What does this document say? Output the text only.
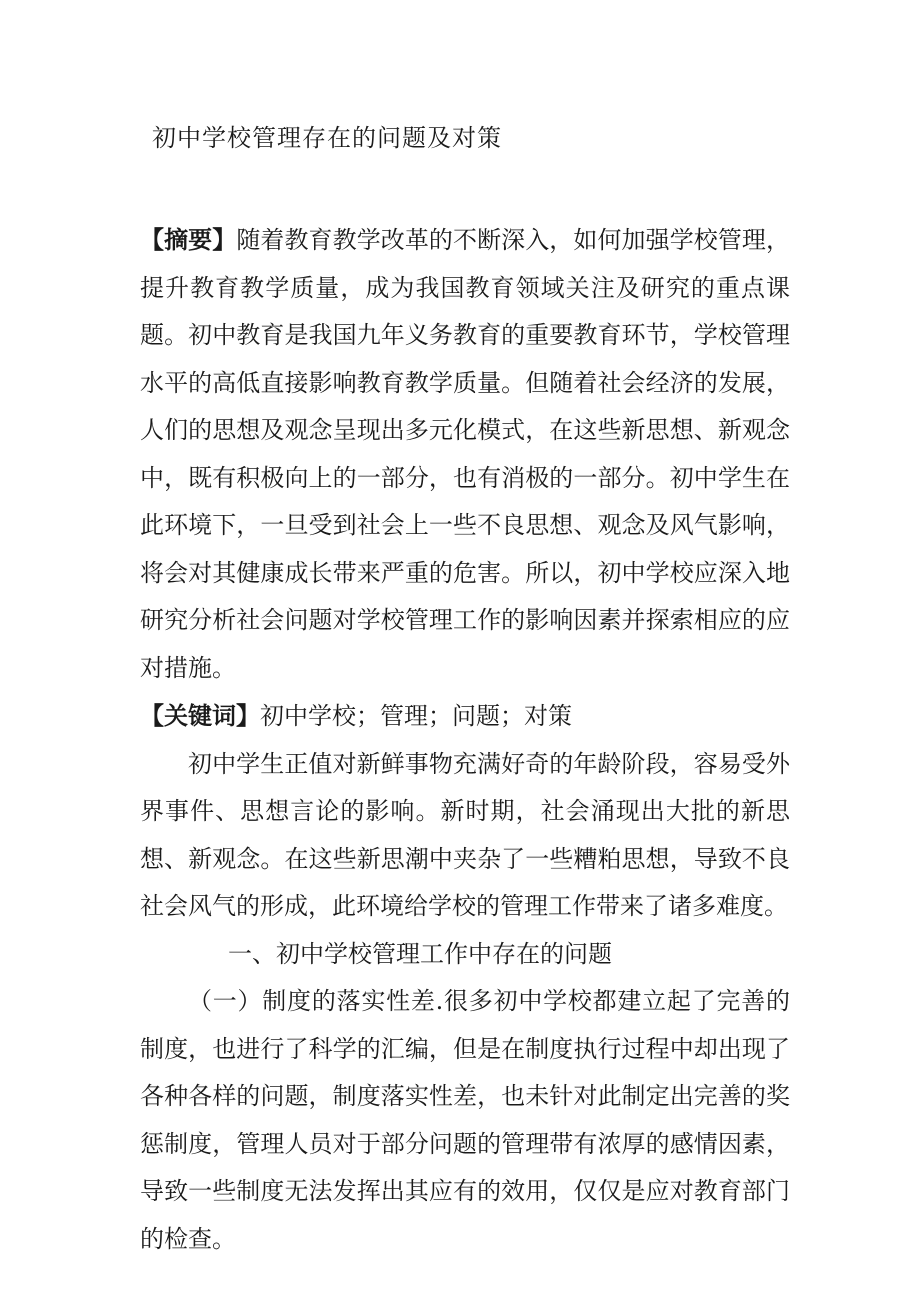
初中学校管理存在的问题及对策

【摘要】随着教育教学改革的不断深入，如何加强学校管理，提升教育教学质量，成为我国教育领域关注及研究的重点课题。初中教育是我国九年义务教育的重要教育环节，学校管理水平的高低直接影响教育教学质量。但随着社会经济的发展，人们的思想及观念呈现出多元化模式，在这些新思想、新观念中，既有积极向上的一部分，也有消极的一部分。初中学生在此环境下，一旦受到社会上一些不良思想、观念及风气影响，将会对其健康成长带来严重的危害。所以，初中学校应深入地研究分析社会问题对学校管理工作的影响因素并探索相应的应对措施。

【关键词】初中学校；管理；问题；对策

初中学生正值对新鲜事物充满好奇的年龄阶段，容易受外界事件、思想言论的影响。新时期，社会涌现出大批的新思想、新观念。在这些新思潮中夹杂了一些糟粕思想，导致不良社会风气的形成，此环境给学校的管理工作带来了诸多难度。

一、初中学校管理工作中存在的问题

（一）制度的落实性差.很多初中学校都建立起了完善的制度，也进行了科学的汇编，但是在制度执行过程中却出现了各种各样的问题，制度落实性差，也未针对此制定出完善的奖惩制度，管理人员对于部分问题的管理带有浓厚的感情因素，导致一些制度无法发挥出其应有的效用，仅仅是应对教育部门的检查。
